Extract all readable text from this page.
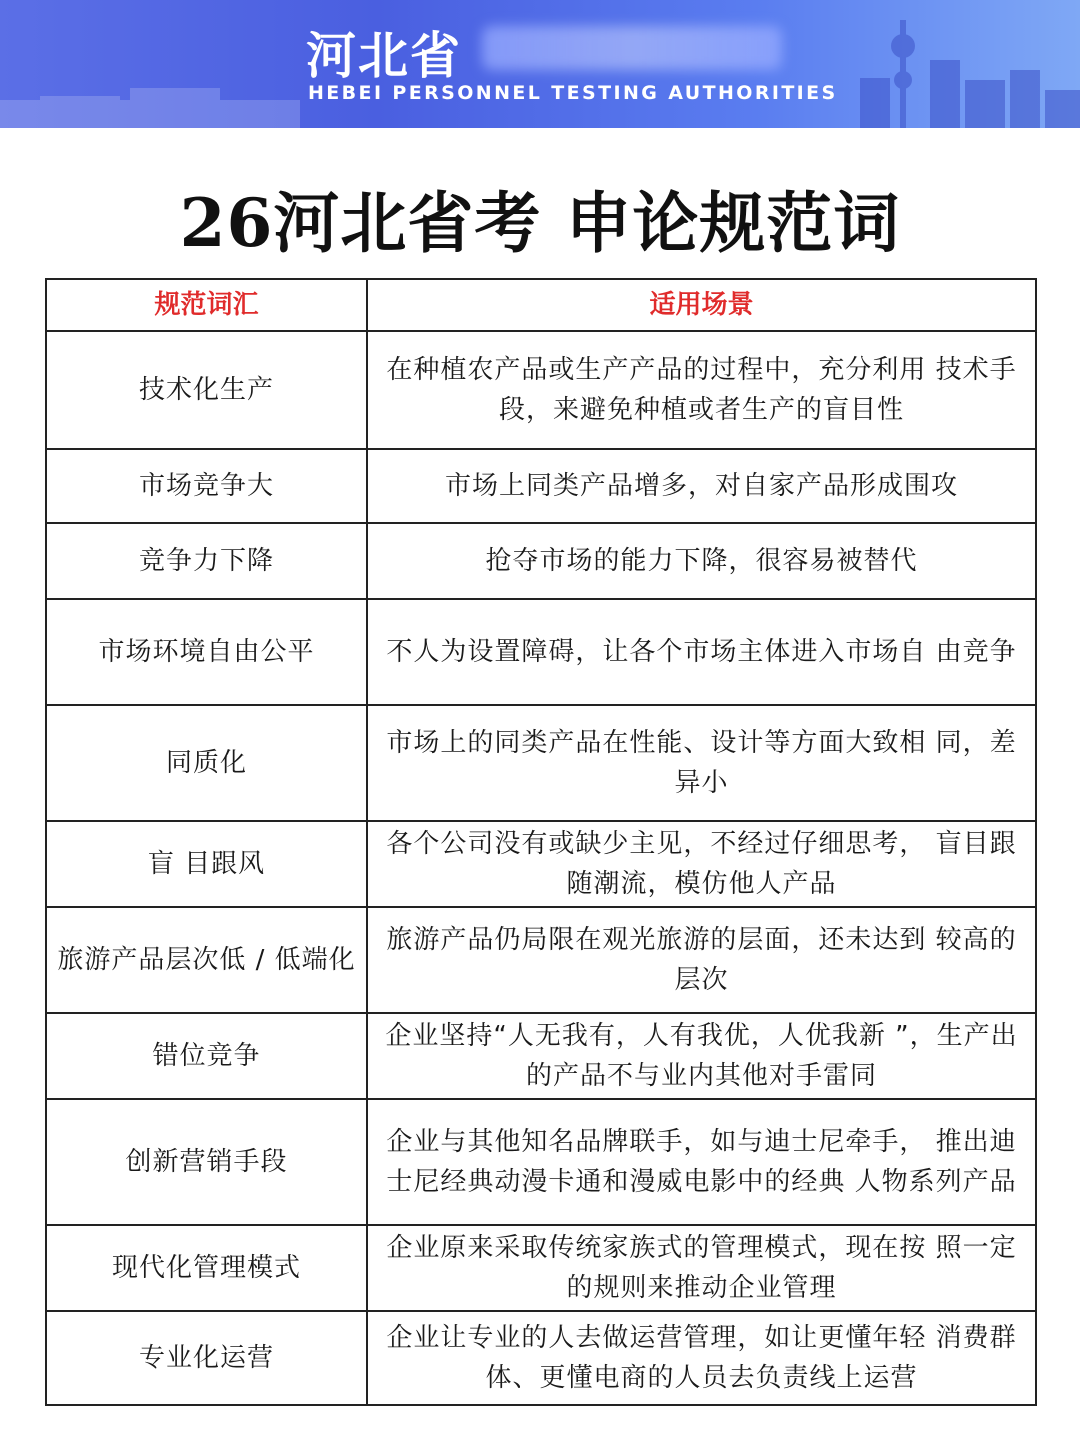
河北省
HEBEI PERSONNEL TESTING AUTHORITIES
26河北省考 申论规范词
规范词汇	适用场景
技术化生产	在种植农产品或生产产品的过程中，充分利用 技术手段，来避免种植或者生产的盲目性
市场竞争大	市场上同类产品增多，对自家产品形成围攻
竞争力下降	抢夺市场的能力下降，很容易被替代
市场环境自由公平	不人为设置障碍，让各个市场主体进入市场自 由竞争
同质化	市场上的同类产品在性能、设计等方面大致相 同，差异小
盲 目跟风	各个公司没有或缺少主见，不经过仔细思考， 盲目跟随潮流，模仿他人产品
旅游产品层次低 / 低端化	旅游产品仍局限在观光旅游的层面，还未达到 较高的层次
错位竞争	企业坚持“人无我有，人有我优，人优我新 ”，生产出的产品不与业内其他对手雷同
创新营销手段	企业与其他知名品牌联手，如与迪士尼牵手， 推出迪士尼经典动漫卡通和漫威电影中的经典 人物系列产品
现代化管理模式	企业原来采取传统家族式的管理模式，现在按 照一定的规则来推动企业管理
专业化运营	企业让专业的人去做运营管理，如让更懂年轻 消费群体、更懂电商的人员去负责线上运营
